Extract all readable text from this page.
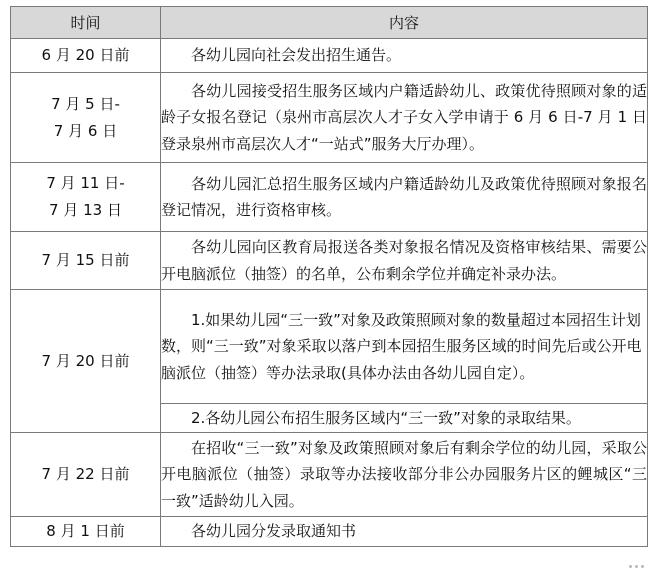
时间	内容

6 月 20 日前	各幼儿园向社会发出招生通告。

7 月 5 日-
7 月 6 日	各幼儿园接受招生服务区域内户籍适龄幼儿、政策优待照顾对象的适龄子女报名登记（泉州市高层次人才子女入学申请于 6 月 6 日-7 月 1 日登录泉州市高层次人才“一站式”服务大厅办理）。

7 月 11 日-
7 月 13 日	各幼儿园汇总招生服务区域内户籍适龄幼儿及政策优待照顾对象报名登记情况，进行资格审核。

7 月 15 日前	各幼儿园向区教育局报送各类对象报名情况及资格审核结果、需要公开电脑派位（抽签）的名单，公布剩余学位并确定补录办法。

7 月 20 日前	1.如果幼儿园“三一致”对象及政策照顾对象的数量超过本园招生计划数，则“三一致”对象采取以落户到本园招生服务区域的时间先后或公开电脑派位（抽签）等办法录取(具体办法由各幼儿园自定）。

	2.各幼儿园公布招生服务区域内“三一致”对象的录取结果。

7 月 22 日前	在招收“三一致”对象及政策照顾对象后有剩余学位的幼儿园，采取公开电脑派位（抽签）录取等办法接收部分非公办园服务片区的鲤城区“三一致”适龄幼儿入园。

8 月 1 日前	各幼儿园分发录取通知书
